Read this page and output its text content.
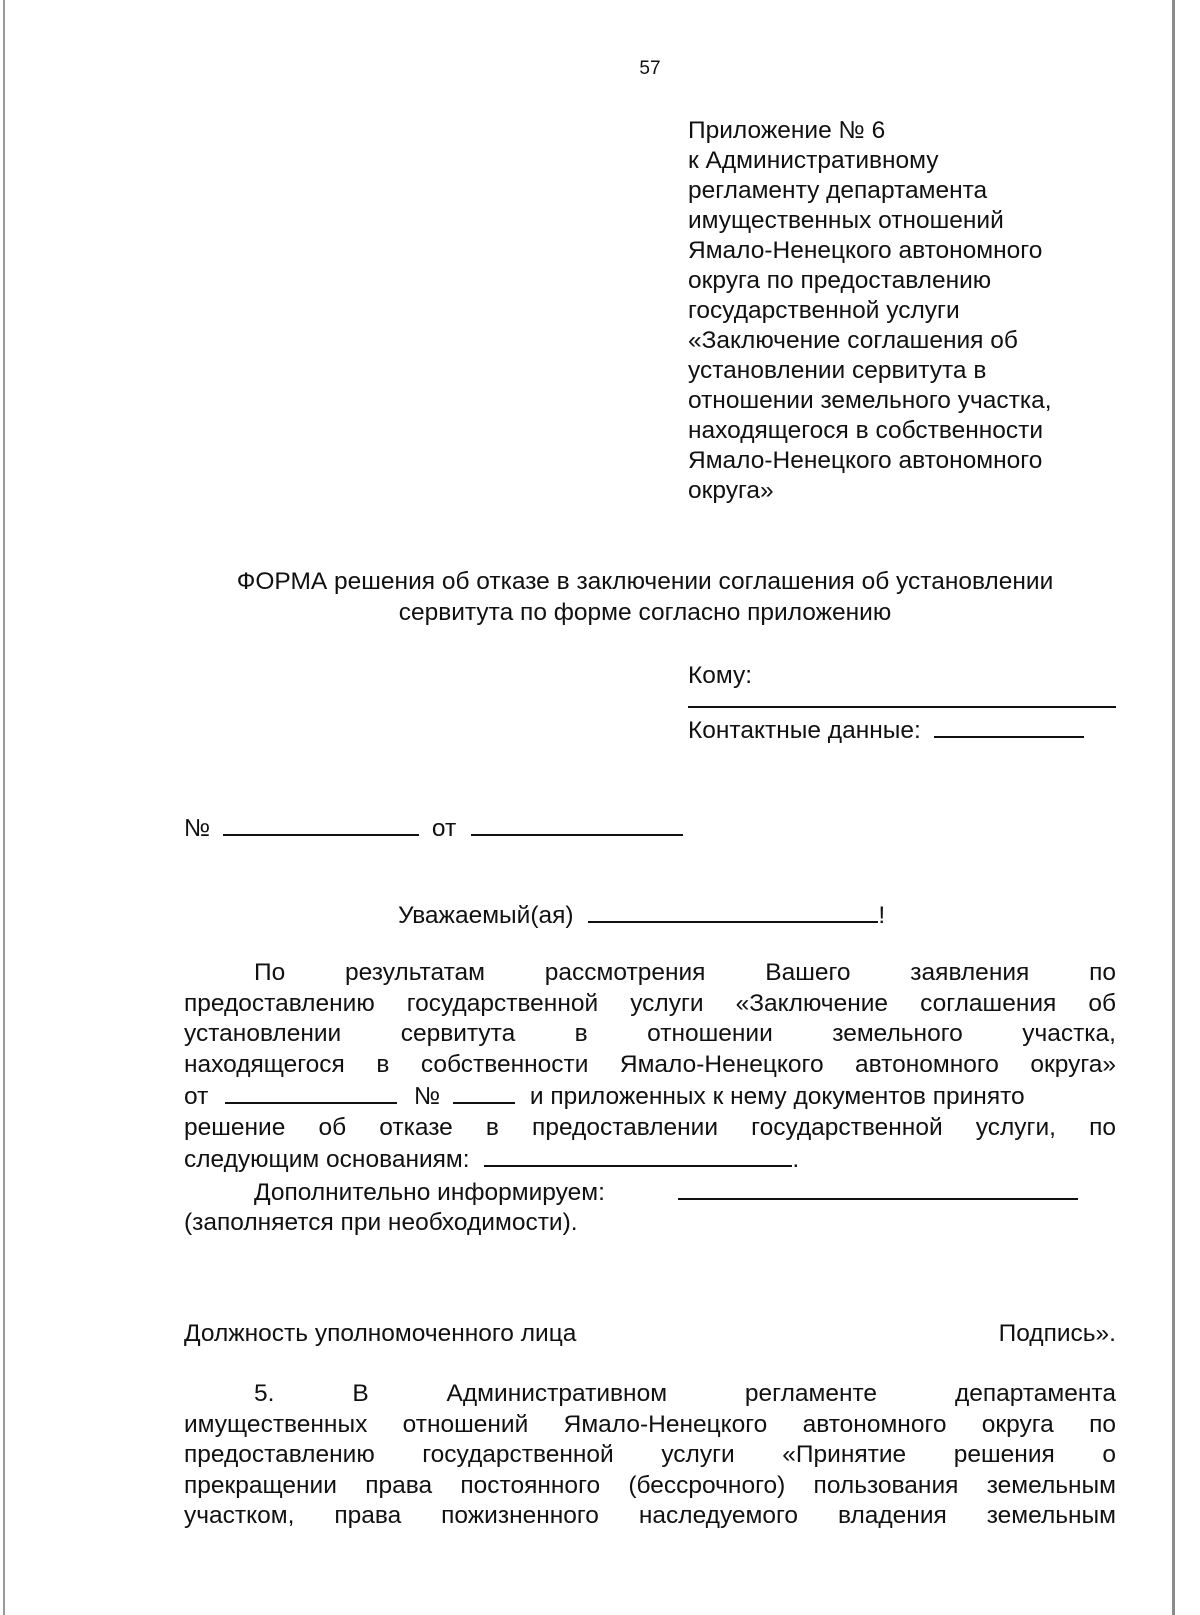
57
Приложение № 6
к Административному
регламенту департамента
имущественных отношений
Ямало-Ненецкого автономного
округа по предоставлению
государственной услуги
«Заключение соглашения об
установлении сервитута в
отношении земельного участка,
находящегося в собственности
Ямало-Ненецкого автономного
округа»
ФОРМА решения об отказе в заключении соглашения об установлении
сервитута по форме согласно приложению
Кому:
Контактные данные:
№	от
Уважаемый(ая)	!
По результатам рассмотрения Вашего заявления по
предоставлению государственной услуги «Заключение соглашения об
установлении сервитута в отношении земельного участка,
находящегося в собственности Ямало-Ненецкого автономного округа»
от	№	и приложенных к нему документов принято
решение об отказе в предоставлении государственной услуги, по
следующим основаниям:	.
Дополнительно информируем:
(заполняется при необходимости).
Должность уполномоченного лица	Подпись».
5. В Административном регламенте департамента
имущественных отношений Ямало-Ненецкого автономного округа по
предоставлению государственной услуги «Принятие решения о
прекращении права постоянного (бессрочного) пользования земельным
участком, права пожизненного наследуемого владения земельным
